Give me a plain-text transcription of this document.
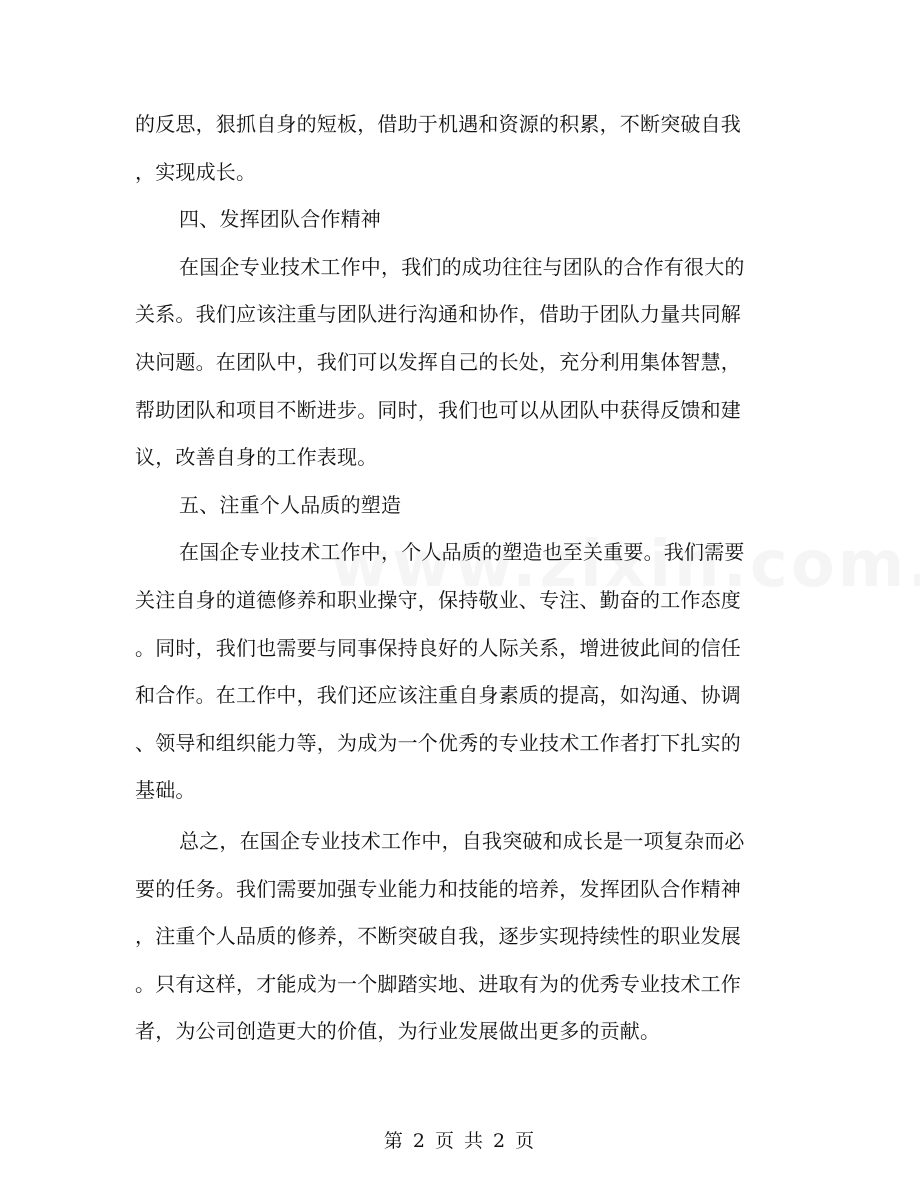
的反思，狠抓自身的短板，借助于机遇和资源的积累，不断突破自我
，实现成长。
四、发挥团队合作精神
在国企专业技术工作中，我们的成功往往与团队的合作有很大的
关系。我们应该注重与团队进行沟通和协作，借助于团队力量共同解
决问题。在团队中，我们可以发挥自己的长处，充分利用集体智慧，
帮助团队和项目不断进步。同时，我们也可以从团队中获得反馈和建
议，改善自身的工作表现。
五、注重个人品质的塑造
在国企专业技术工作中，个人品质的塑造也至关重要。我们需要
关注自身的道德修养和职业操守，保持敬业、专注、勤奋的工作态度
。同时，我们也需要与同事保持良好的人际关系，增进彼此间的信任
和合作。在工作中，我们还应该注重自身素质的提高，如沟通、协调
、领导和组织能力等，为成为一个优秀的专业技术工作者打下扎实的
基础。
总之，在国企专业技术工作中，自我突破和成长是一项复杂而必
要的任务。我们需要加强专业能力和技能的培养，发挥团队合作精神
，注重个人品质的修养，不断突破自我，逐步实现持续性的职业发展
。只有这样，才能成为一个脚踏实地、进取有为的优秀专业技术工作
者，为公司创造更大的价值，为行业发展做出更多的贡献。
第 2 页 共 2 页
